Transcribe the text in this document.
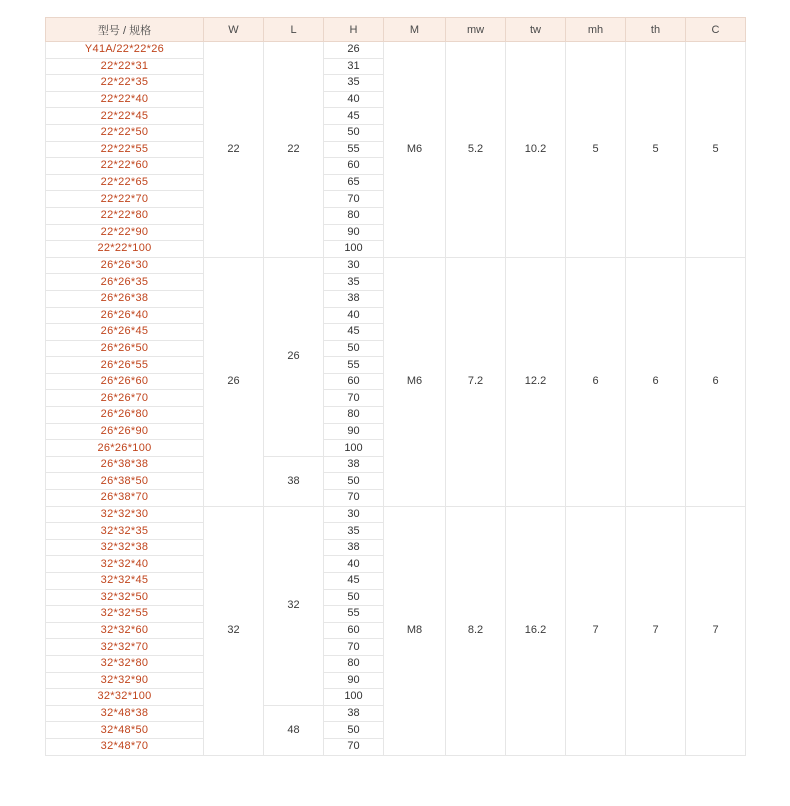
型号 / 规格	W	L	H	M	mw	tw	mh	th	C
Y41A/22*22*26	22	22	26	M6	5.2	10.2	5	5	5
22*22*31			31						
22*22*35			35						
22*22*40			40						
22*22*45			45						
22*22*50			50						
22*22*55			55						
22*22*60			60						
22*22*65			65						
22*22*70			70						
22*22*80			80						
22*22*90			90						
22*22*100			100						
26*26*30	26	26	30	M6	7.2	12.2	6	6	6
26*26*35			35						
26*26*38			38						
26*26*40			40						
26*26*45			45						
26*26*50			50						
26*26*55			55						
26*26*60			60						
26*26*70			70						
26*26*80			80						
26*26*90			90						
26*26*100			100						
26*38*38		38	38						
26*38*50			50						
26*38*70			70						
32*32*30	32	32	30	M8	8.2	16.2	7	7	7
32*32*35			35						
32*32*38			38						
32*32*40			40						
32*32*45			45						
32*32*50			50						
32*32*55			55						
32*32*60			60						
32*32*70			70						
32*32*80			80						
32*32*90			90						
32*32*100			100						
32*48*38		48	38						
32*48*50			50						
32*48*70			70						
